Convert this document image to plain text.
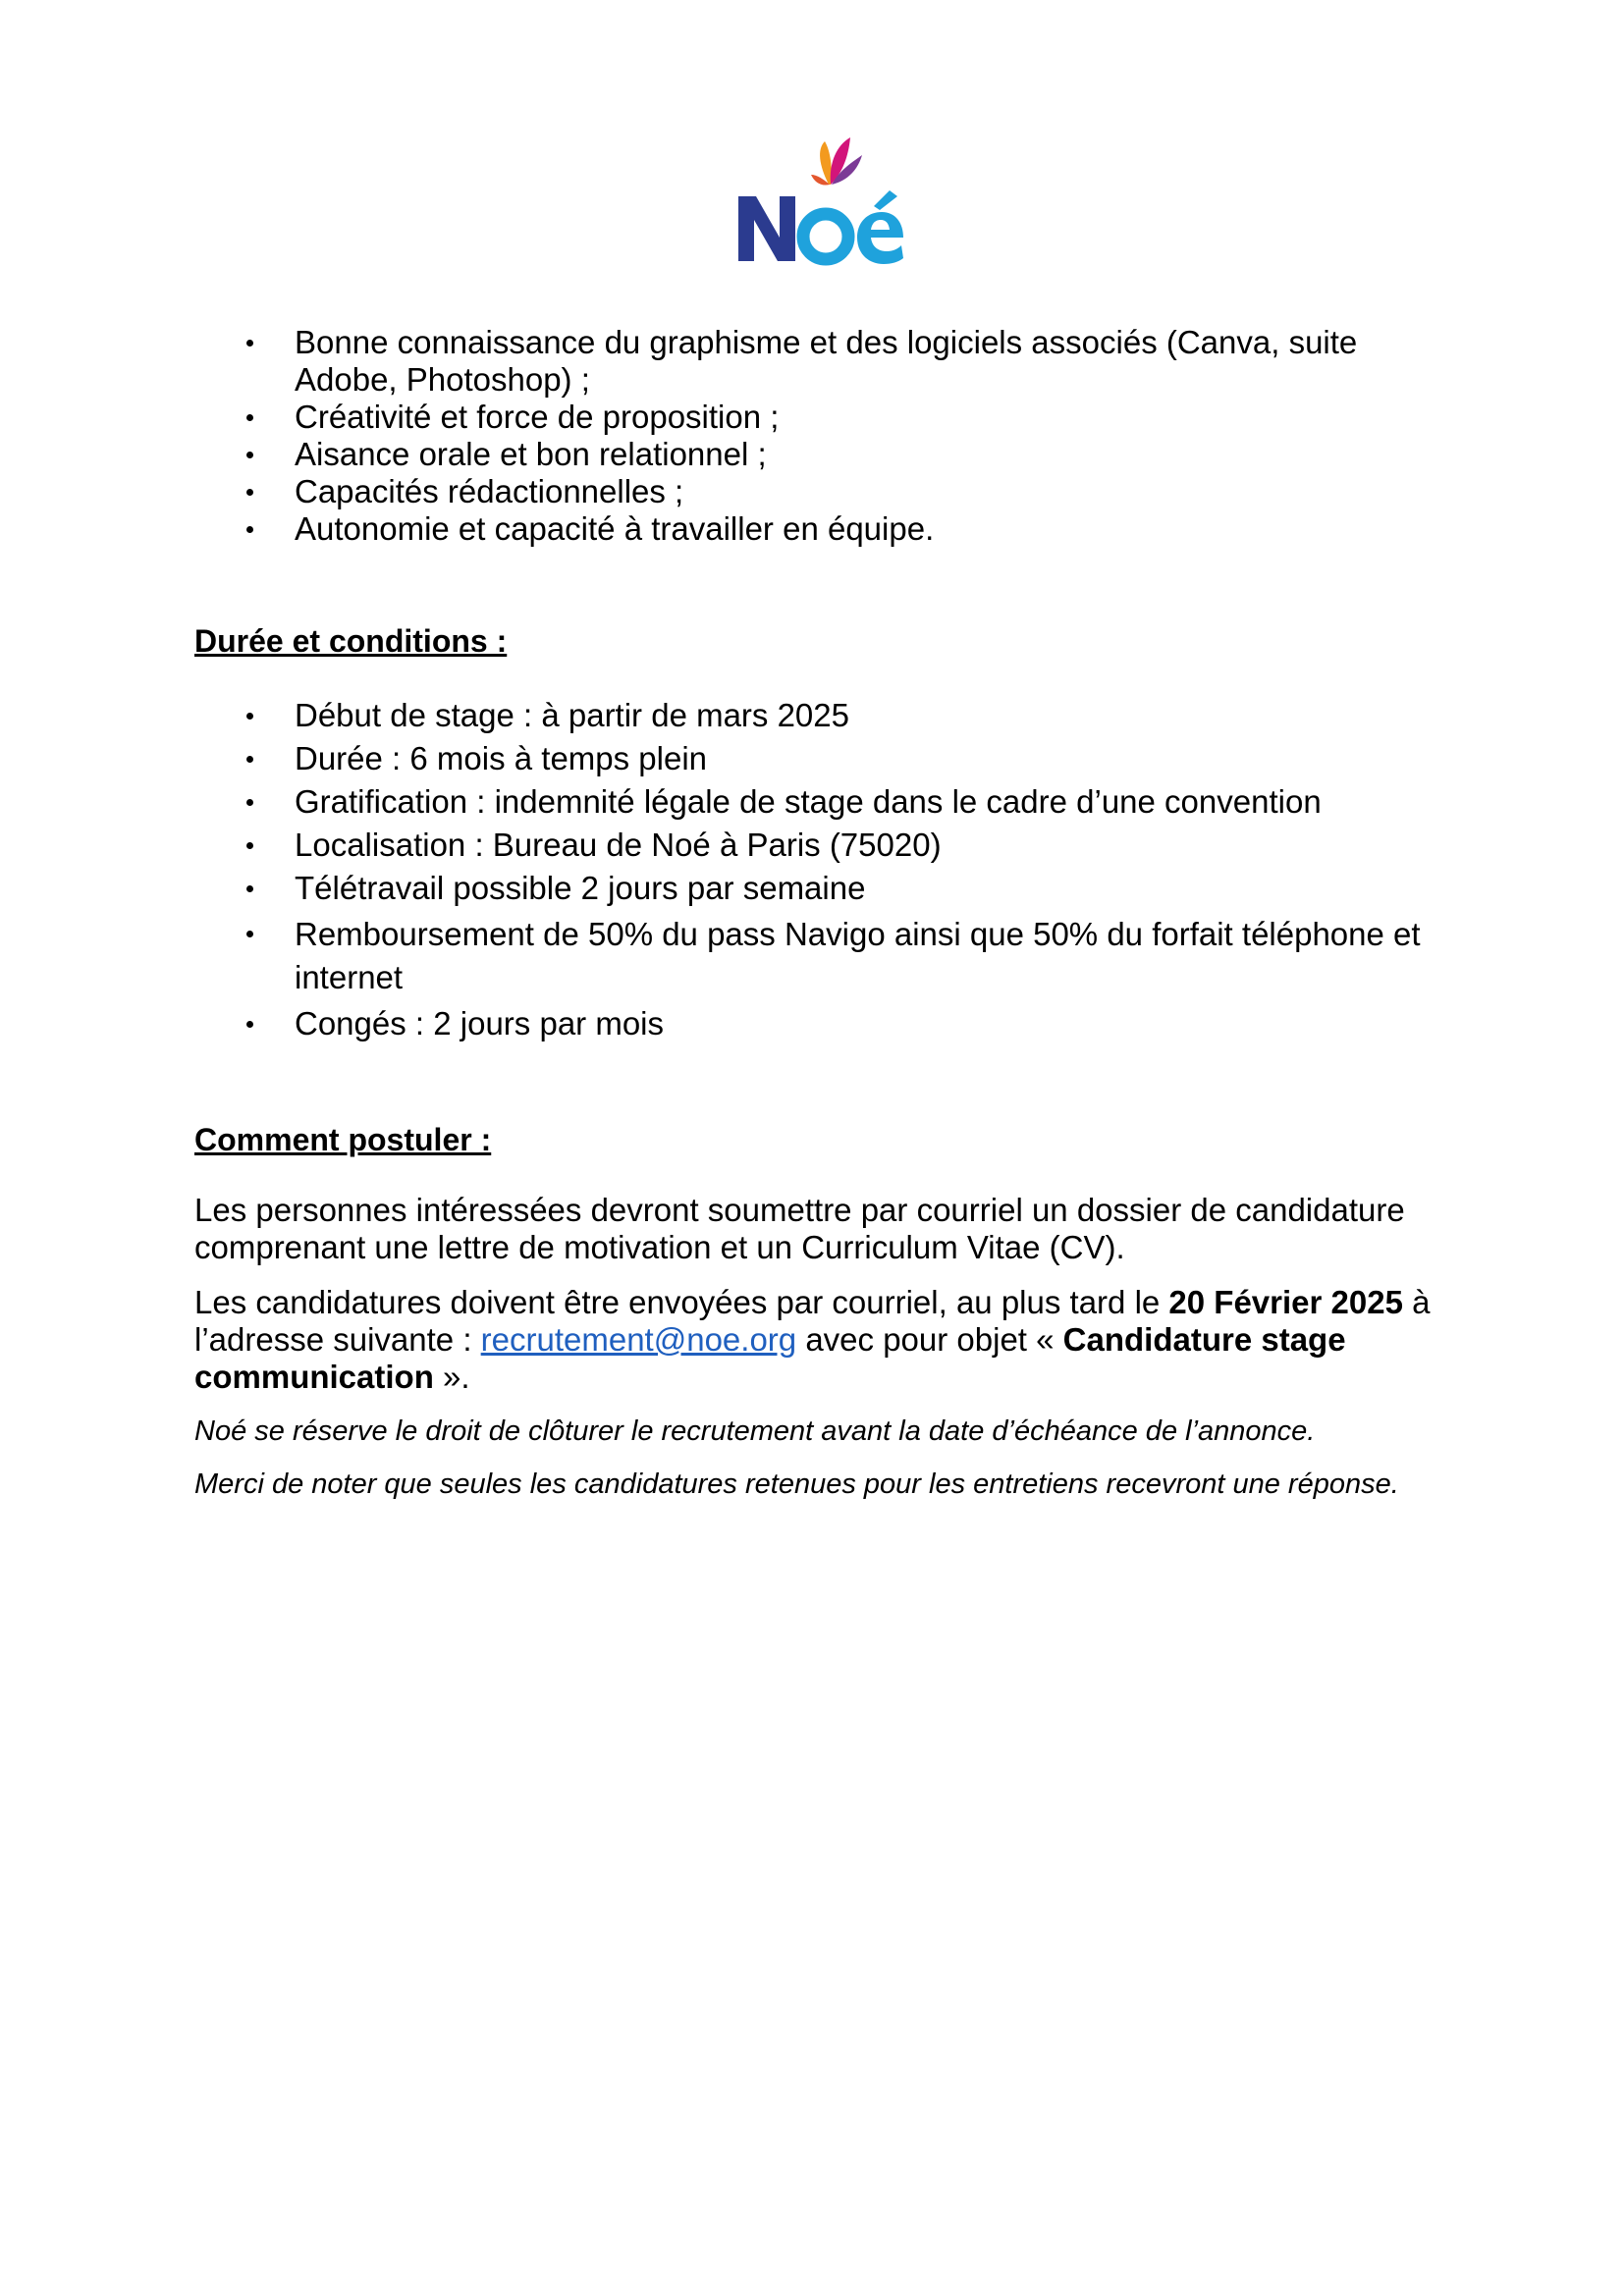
Noé
Bonne connaissance du graphisme et des logiciels associés (Canva, suite Adobe, Photoshop) ;
Créativité et force de proposition ;
Aisance orale et bon relationnel ;
Capacités rédactionnelles ;
Autonomie et capacité à travailler en équipe.
Durée et conditions :
Début de stage : à partir de mars 2025
Durée : 6 mois à temps plein
Gratification : indemnité légale de stage dans le cadre d’une convention
Localisation : Bureau de Noé à Paris (75020)
Télétravail possible 2 jours par semaine
Remboursement de 50% du pass Navigo ainsi que 50% du forfait téléphone et internet
Congés : 2 jours par mois
Comment postuler :

Les personnes intéressées devront soumettre par courriel un dossier de candidature comprenant une lettre de motivation et un Curriculum Vitae (CV).

Les candidatures doivent être envoyées par courriel, au plus tard le 20 Février 2025 à l’adresse suivante : recrutement@noe.org avec pour objet « Candidature stage communication ».

Noé se réserve le droit de clôturer le recrutement avant la date d’échéance de l’annonce.

Merci de noter que seules les candidatures retenues pour les entretiens recevront une réponse.
